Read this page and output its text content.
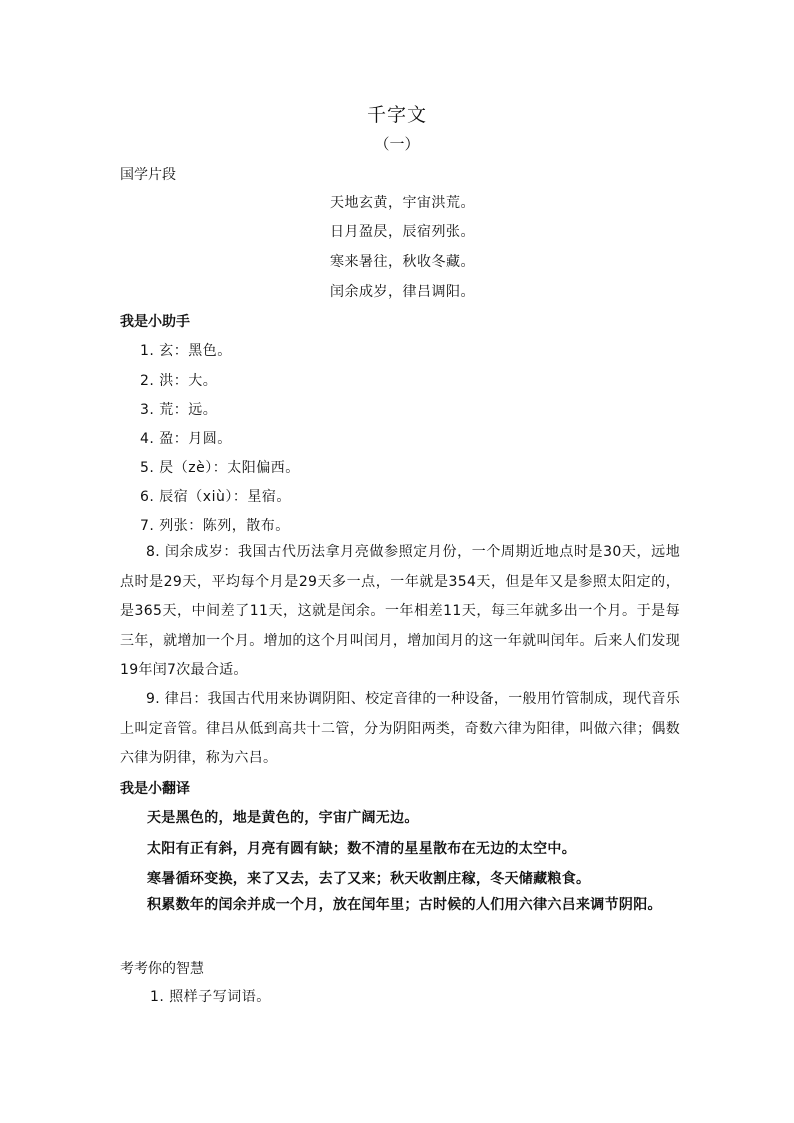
千字文
（一）
国学片段
天地玄黄，宇宙洪荒。
日月盈昃，辰宿列张。
寒来暑往，秋收冬藏。
闰余成岁，律吕调阳。
我是小助手
1. 玄：黑色。
2. 洪：大。
3. 荒：远。
4. 盈：月圆。
5. 昃（zè）：太阳偏西。
6. 辰宿（xiù）：星宿。
7. 列张：陈列，散布。
8. 闰余成岁：我国古代历法拿月亮做参照定月份，一个周期近地点时是30天，远地点时是29天，平均每个月是29天多一点，一年就是354天，但是年又是参照太阳定的，是365天，中间差了11天，这就是闰余。一年相差11天，每三年就多出一个月。于是每三年，就增加一个月。增加的这个月叫闰月，增加闰月的这一年就叫闰年。后来人们发现19年闰7次最合适。
9. 律吕：我国古代用来协调阴阳、校定音律的一种设备，一般用竹管制成，现代音乐上叫定音管。律吕从低到高共十二管，分为阴阳两类，奇数六律为阳律，叫做六律；偶数六律为阴律，称为六吕。
我是小翻译
天是黑色的，地是黄色的，宇宙广阔无边。
太阳有正有斜，月亮有圆有缺；数不清的星星散布在无边的太空中。
寒暑循环变换，来了又去，去了又来；秋天收割庄稼，冬天储藏粮食。
积累数年的闰余并成一个月，放在闰年里；古时候的人们用六律六吕来调节阴阳。
考考你的智慧
1. 照样子写词语。
